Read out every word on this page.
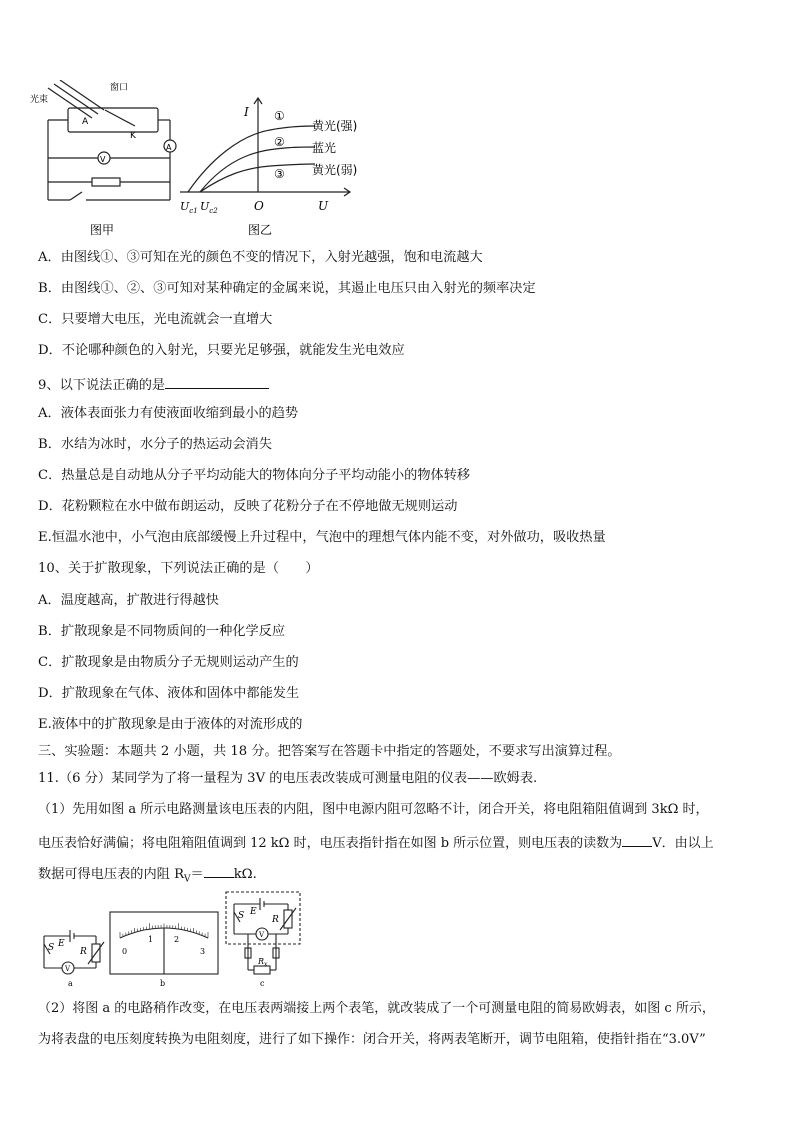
光束
窗口
A
K
A
V
图甲
I
U
O
$U_{c1}$ $U_{c2}$
①
②
③
黄光(强)
蓝光
黄光(弱)
图乙
A．由图线①、③可知在光的颜色不变的情况下，入射光越强，饱和电流越大
B．由图线①、②、③可知对某种确定的金属来说，其遏止电压只由入射光的频率决定
C．只要增大电压，光电流就会一直增大
D．不论哪种颜色的入射光，只要光足够强，就能发生光电效应
9、以下说法正确的是
A．液体表面张力有使液面收缩到最小的趋势
B．水结为冰时，水分子的热运动会消失
C．热量总是自动地从分子平均动能大的物体向分子平均动能小的物体转移
D．花粉颗粒在水中做布朗运动，反映了花粉分子在不停地做无规则运动
E.恒温水池中，小气泡由底部缓慢上升过程中，气泡中的理想气体内能不变，对外做功，吸收热量
10、关于扩散现象，下列说法正确的是（　　）
A．温度越高，扩散进行得越快
B．扩散现象是不同物质间的一种化学反应
C．扩散现象是由物质分子无规则运动产生的
D．扩散现象在气体、液体和固体中都能发生
E.液体中的扩散现象是由于液体的对流形成的
三、实验题：本题共 2 小题，共 18 分。把答案写在答题卡中指定的答题处，不要求写出演算过程。
11.（6 分）某同学为了将一量程为 3V 的电压表改装成可测量电阻的仪表——欧姆表.
（1）先用如图 a 所示电路测量该电压表的内阻，图中电源内阻可忽略不计，闭合开关，将电阻箱阻值调到 3kΩ 时，
电压表恰好满偏；将电阻箱阻值调到 12 kΩ 时，电压表指针指在如图 b 所示位置，则电压表的读数为 V．由以上
数据可得电压表的内阻 $R_V= k\Omega$.
S E
R
V
a
0
1	2
3
b
S E
R
V
$R_x$
c
（2）将图 a 的电路稍作改变，在电压表两端接上两个表笔，就改装成了一个可测量电阻的简易欧姆表，如图 c 所示，
为将表盘的电压刻度转换为电阻刻度，进行了如下操作：闭合开关，将两表笔断开，调节电阻箱，使指针指在“3.0V”
